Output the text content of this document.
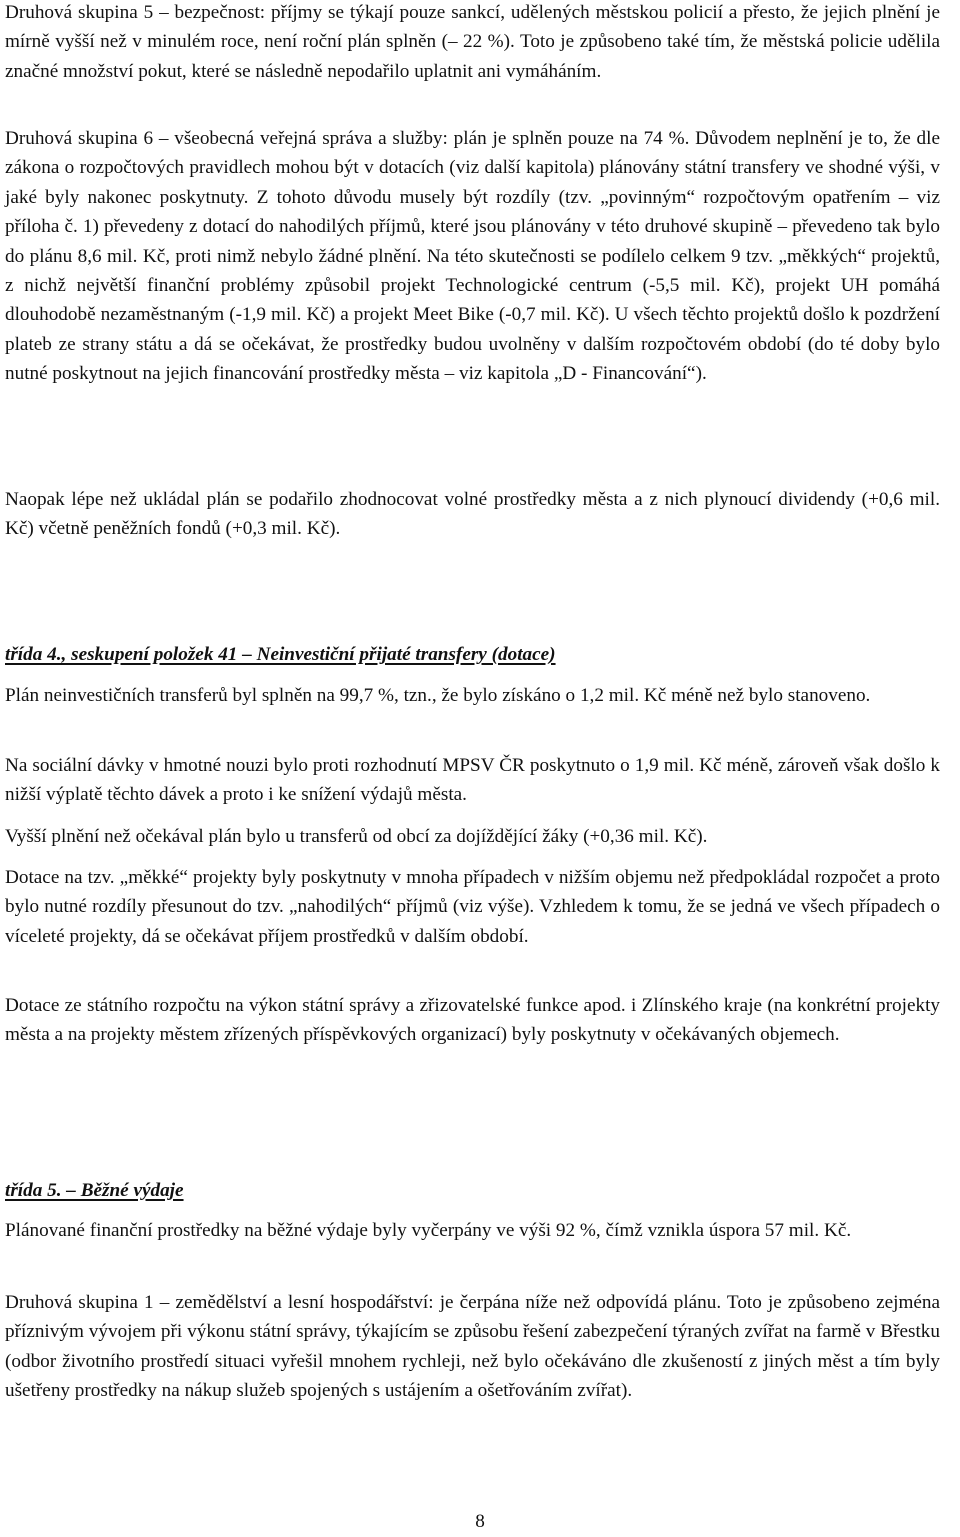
Druhová skupina 5 – bezpečnost: příjmy se týkají pouze sankcí, udělených městskou policií a přesto, že jejich plnění je mírně vyšší než v minulém roce, není roční plán splněn (– 22 %). Toto je způsobeno také tím, že městská policie udělila značné množství pokut, které se následně nepodařilo uplatnit ani vymáháním.

Druhová skupina 6 – všeobecná veřejná správa a služby: plán je splněn pouze na 74 %. Důvodem neplnění je to, že dle zákona o rozpočtových pravidlech mohou být v dotacích (viz další kapitola) plánovány státní transfery ve shodné výši, v jaké byly nakonec poskytnuty. Z tohoto důvodu musely být rozdíly (tzv. „povinným“ rozpočtovým opatřením – viz příloha č. 1) převedeny z dotací do nahodilých příjmů, které jsou plánovány v této druhové skupině – převedeno tak bylo do plánu 8,6 mil. Kč, proti nimž nebylo žádné plnění. Na této skutečnosti se podílelo celkem 9 tzv. „měkkých“ projektů, z nichž největší finanční problémy způsobil projekt Technologické centrum (-5,5 mil. Kč), projekt UH pomáhá dlouhodobě nezaměstnaným (-1,9 mil. Kč) a projekt Meet Bike (-0,7 mil. Kč). U všech těchto projektů došlo k pozdržení plateb ze strany státu a dá se očekávat, že prostředky budou uvolněny v dalším rozpočtovém období (do té doby bylo nutné poskytnout na jejich financování prostředky města – viz kapitola „D - Financování“).

Naopak lépe než ukládal plán se podařilo zhodnocovat volné prostředky města a z nich plynoucí dividendy (+0,6 mil. Kč) včetně peněžních fondů (+0,3 mil. Kč).

třída 4., seskupení položek 41 – Neinvestiční přijaté transfery (dotace)

Plán neinvestičních transferů byl splněn na 99,7 %, tzn., že bylo získáno o 1,2 mil. Kč méně než bylo stanoveno.

Na sociální dávky v hmotné nouzi bylo proti rozhodnutí MPSV ČR poskytnuto o 1,9 mil. Kč méně, zároveň však došlo k nižší výplatě těchto dávek a proto i ke snížení výdajů města.

Vyšší plnění než očekával plán bylo u transferů od obcí za dojíždějící žáky (+0,36 mil. Kč).

Dotace na tzv. „měkké“ projekty byly poskytnuty v mnoha případech v nižším objemu než předpokládal rozpočet a proto bylo nutné rozdíly přesunout do tzv. „nahodilých“ příjmů (viz výše). Vzhledem k tomu, že se jedná ve všech případech o víceleté projekty, dá se očekávat příjem prostředků v dalším období.

Dotace ze státního rozpočtu na výkon státní správy a zřizovatelské funkce apod. i Zlínského kraje (na konkrétní projekty města a na projekty městem zřízených příspěvkových organizací) byly poskytnuty v očekávaných objemech.

třída 5. – Běžné výdaje

Plánované finanční prostředky na běžné výdaje byly vyčerpány ve výši 92 %, čímž vznikla úspora 57 mil. Kč.

Druhová skupina 1 – zemědělství a lesní hospodářství: je čerpána níže než odpovídá plánu. Toto je způsobeno zejména příznivým vývojem při výkonu státní správy, týkajícím se způsobu řešení zabezpečení týraných zvířat na farmě v Břestku (odbor životního prostředí situaci vyřešil mnohem rychleji, než bylo očekáváno dle zkušeností z jiných měst a tím byly ušetřeny prostředky na nákup služeb spojených s ustájením a ošetřováním zvířat).

8
